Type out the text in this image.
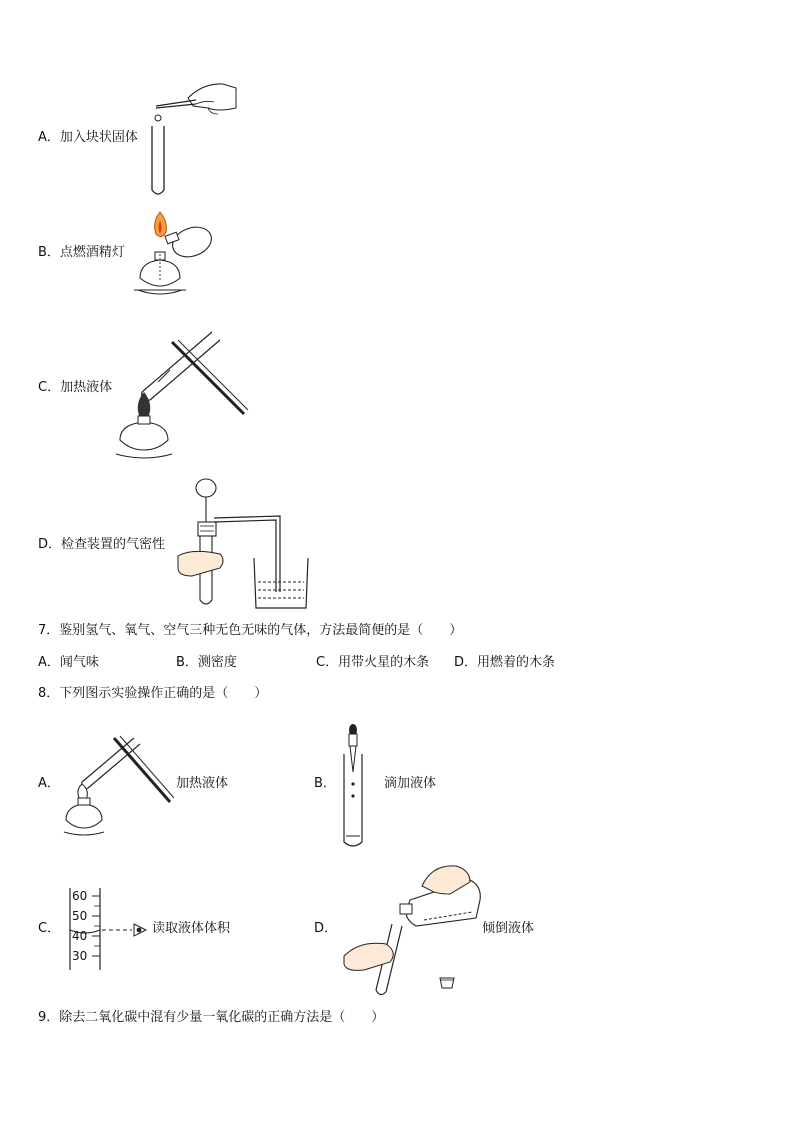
A．加入块状固体
B．点燃酒精灯
C．加热液体
D．检查装置的气密性
7．鉴别氢气、氧气、空气三种无色无味的气体，方法最简便的是（　　）
A．闻气味	B．测密度	C．用带火星的木条 D．用燃着的木条
8．下列图示实验操作正确的是（　　）
A．	加热液体	B．	滴加液体
C．
60
50
40
30
读取液体体积	D．	倾倒液体
9．除去二氧化碳中混有少量一氧化碳的正确方法是（　　）
